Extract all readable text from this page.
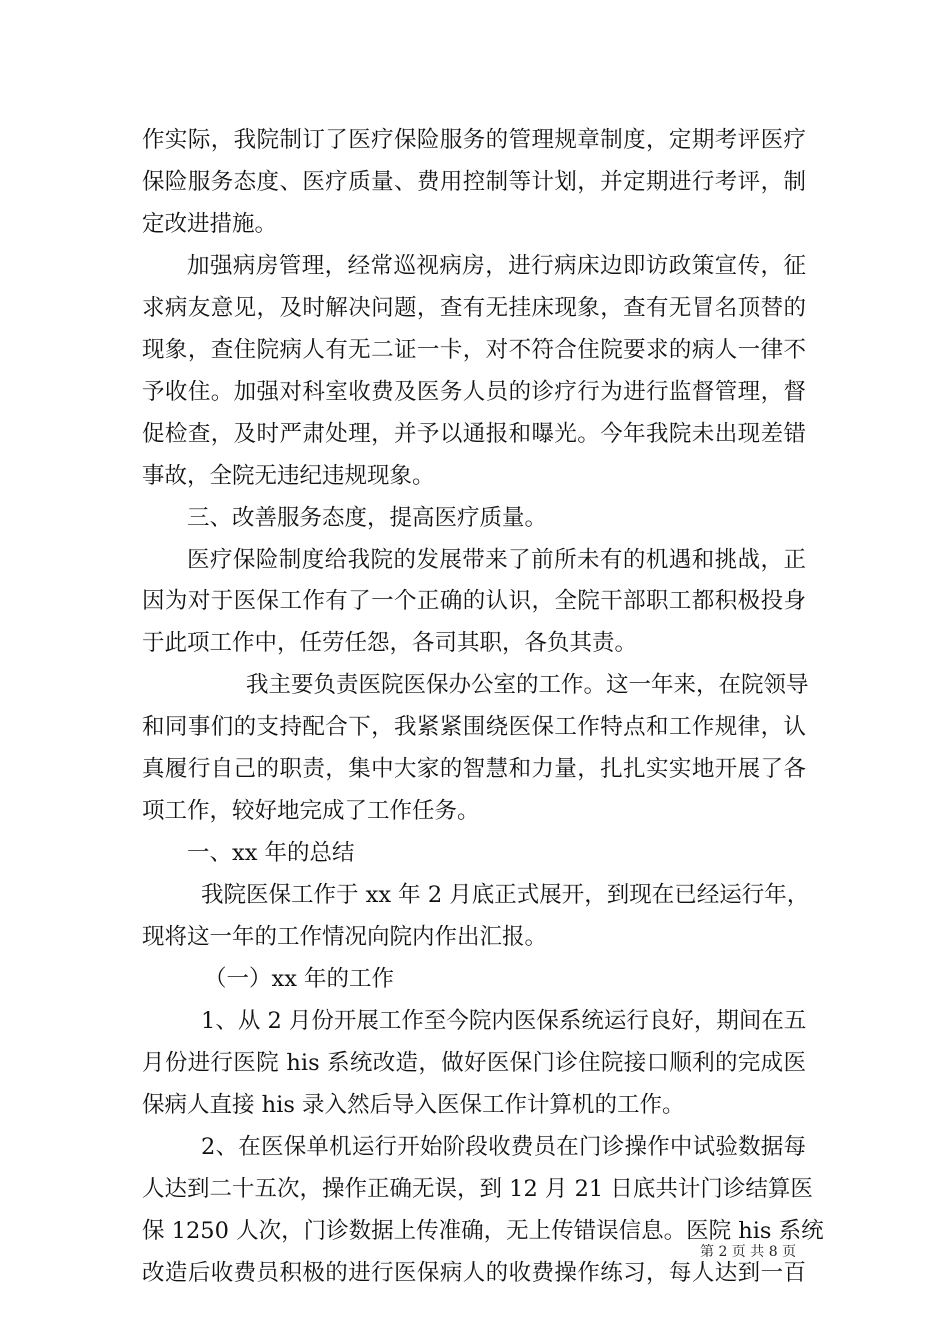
作实际，我院制订了医疗保险服务的管理规章制度，定期考评医疗
保险服务态度、医疗质量、费用控制等计划，并定期进行考评，制
定改进措施。
加强病房管理，经常巡视病房，进行病床边即访政策宣传，征
求病友意见，及时解决问题，查有无挂床现象，查有无冒名顶替的
现象，查住院病人有无二证一卡，对不符合住院要求的病人一律不
予收住。加强对科室收费及医务人员的诊疗行为进行监督管理，督
促检查，及时严肃处理，并予以通报和曝光。今年我院未出现差错
事故，全院无违纪违规现象。
三、改善服务态度，提高医疗质量。
医疗保险制度给我院的发展带来了前所未有的机遇和挑战，正
因为对于医保工作有了一个正确的认识，全院干部职工都积极投身
于此项工作中，任劳任怨，各司其职，各负其责。
我主要负责医院医保办公室的工作。这一年来，在院领导
和同事们的支持配合下，我紧紧围绕医保工作特点和工作规律，认
真履行自己的职责，集中大家的智慧和力量，扎扎实实地开展了各
项工作，较好地完成了工作任务。
一、xx 年的总结
我院医保工作于 xx 年 2 月底正式展开，到现在已经运行年，
现将这一年的工作情况向院内作出汇报。
（一）xx 年的工作
1、从 2 月份开展工作至今院内医保系统运行良好，期间在五
月份进行医院 his 系统改造，做好医保门诊住院接口顺利的完成医
保病人直接 his 录入然后导入医保工作计算机的工作。
2、在医保单机运行开始阶段收费员在门诊操作中试验数据每
人达到二十五次，操作正确无误，到 12 月 21 日底共计门诊结算医
保 1250 人次，门诊数据上传准确，无上传错误信息。医院 his 系统
改造后收费员积极的进行医保病人的收费操作练习，每人达到一百
第 2 页 共 8 页
